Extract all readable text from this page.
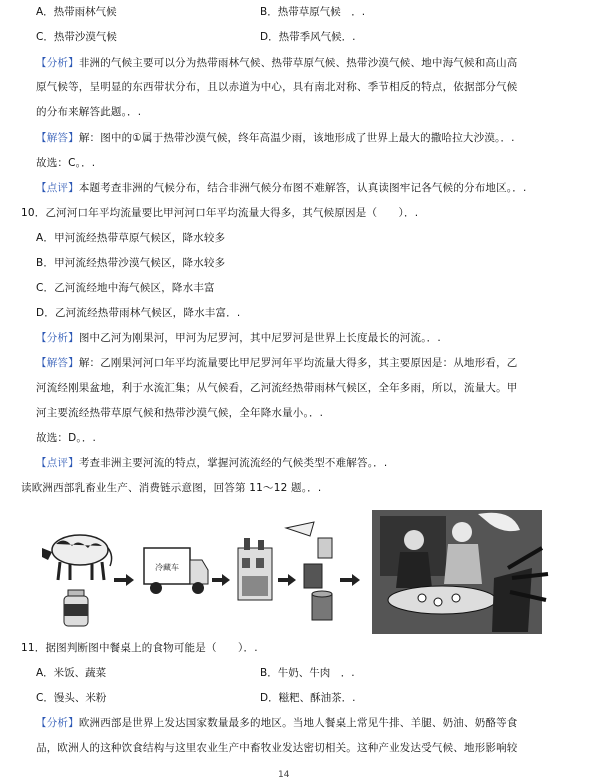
A．热带雨林气候	B．热带草原气候　．.
C．热带沙漠气候	D．热带季风气候．.
【分析】非洲的气候主要可以分为热带雨林气候、热带草原气候、热带沙漠气候、地中海气候和高山高
原气候等，呈明显的东西带状分布，且以赤道为中心，具有南北对称、季节相反的特点，依据部分气候
的分布来解答此题。．.
【解答】解：图中的①属于热带沙漠气候，终年高温少雨，该地形成了世界上最大的撒哈拉大沙漠。．.
故选：C。．.
【点评】本题考查非洲的气候分布，结合非洲气候分布图不难解答，认真读图牢记各气候的分布地区。．.
10．乙河河口年平均流量要比甲河河口年平均流量大得多，其气候原因是（　　）．.
A．甲河流经热带草原气候区，降水较多
B．甲河流经热带沙漠气候区，降水较多
C．乙河流经地中海气候区，降水丰富
D．乙河流经热带雨林气候区，降水丰富．.
【分析】图中乙河为刚果河，甲河为尼罗河，其中尼罗河是世界上长度最长的河流。．.
【解答】解：乙刚果河河口年平均流量要比甲尼罗河年平均流量大得多，其主要原因是：从地形看，乙
河流经刚果盆地，利于水流汇集；从气候看，乙河流经热带雨林气候区，全年多雨，所以，流量大。甲
河主要流经热带草原气候和热带沙漠气候，全年降水量小。．.
故选：D。．.
【点评】考查非洲主要河流的特点，掌握河流流经的气候类型不难解答。．.
读欧洲西部乳畜业生产、消费链示意图，回答第 11～12 题。．.
冷藏车
11．据图判断图中餐桌上的食物可能是（　　）．.
A．米饭、蔬菜	B．牛奶、牛肉　．.
C．馒头、米粉	D．糍粑、酥油茶．.
【分析】欧洲西部是世界上发达国家数量最多的地区。当地人餐桌上常见牛排、羊腿、奶油、奶酪等食
品，欧洲人的这种饮食结构与这里农业生产中畜牧业发达密切相关。这种产业发达受气候、地形影响较
14
